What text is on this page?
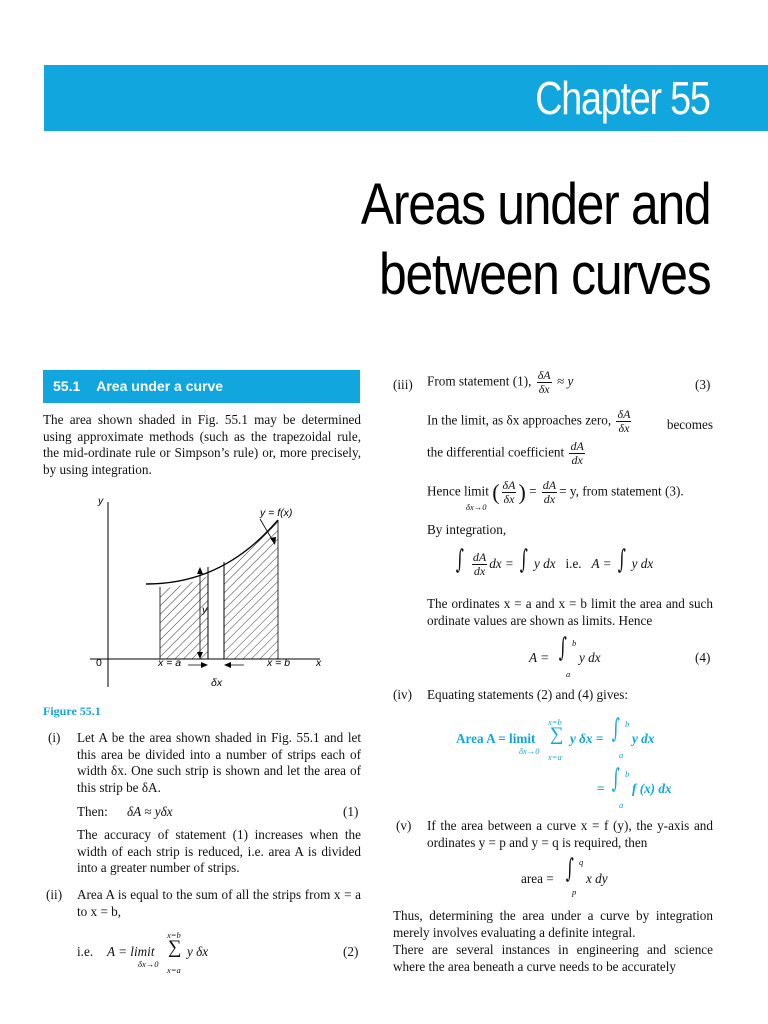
Chapter 55
Areas under and
between curves
55.1 Area under a curve
The area shown shaded in Fig. 55.1 may be determined using approximate methods (such as the trapezoidal rule, the mid-ordinate rule or Simpson’s rule) or, more precisely, by using integration.
y
x
0
y = f(x)
x = a	x = b
δx
y
Figure 55.1
(i) Let A be the area shown shaded in Fig. 55.1 and let this area be divided into a number of strips each of width δx. One such strip is shown and let the area of this strip be δA.
Then: δA ≈ yδx	(1)
The accuracy of statement (1) increases when the width of each strip is reduced, i.e. area A is divided into a greater number of strips.
(ii) Area A is equal to the sum of all the strips from x = a to x = b,
i.e. A = limit
δx→0
x=b
∑
x=a
y δx	(2)
(iii) From statement (1), $\frac{\delta A}{\delta x} \approx y$	(3)
In the limit, as δx approaches zero, $\frac{\delta A}{\delta x}$	becomes
the differential coefficient $\frac{dA}{dx}$
Hence limit ( $\frac{\delta A}{\delta x}$ ) = $\frac{dA}{dx} = y$, from statement (3).
δx→0
By integration,
∫ $\frac{dA}{dx}$ dx = ∫ y dx i.e. A = ∫ y dx
The ordinates x = a and x = b limit the area and such ordinate values are shown as limits. Hence
A = ∫ b
a
y dx	(4)
(iv) Equating statements (2) and (4) gives:
Area A = limit
δx→0
x=b
∑
x=a
y δx = ∫ b
a
y dx
= ∫ b
a
f (x) dx
(v) If the area between a curve x = f (y), the y-axis and ordinates y = p and y = q is required, then
area = ∫ q
p
x dy
Thus, determining the area under a curve by integration merely involves evaluating a definite integral.
There are several instances in engineering and science where the area beneath a curve needs to be accurately
